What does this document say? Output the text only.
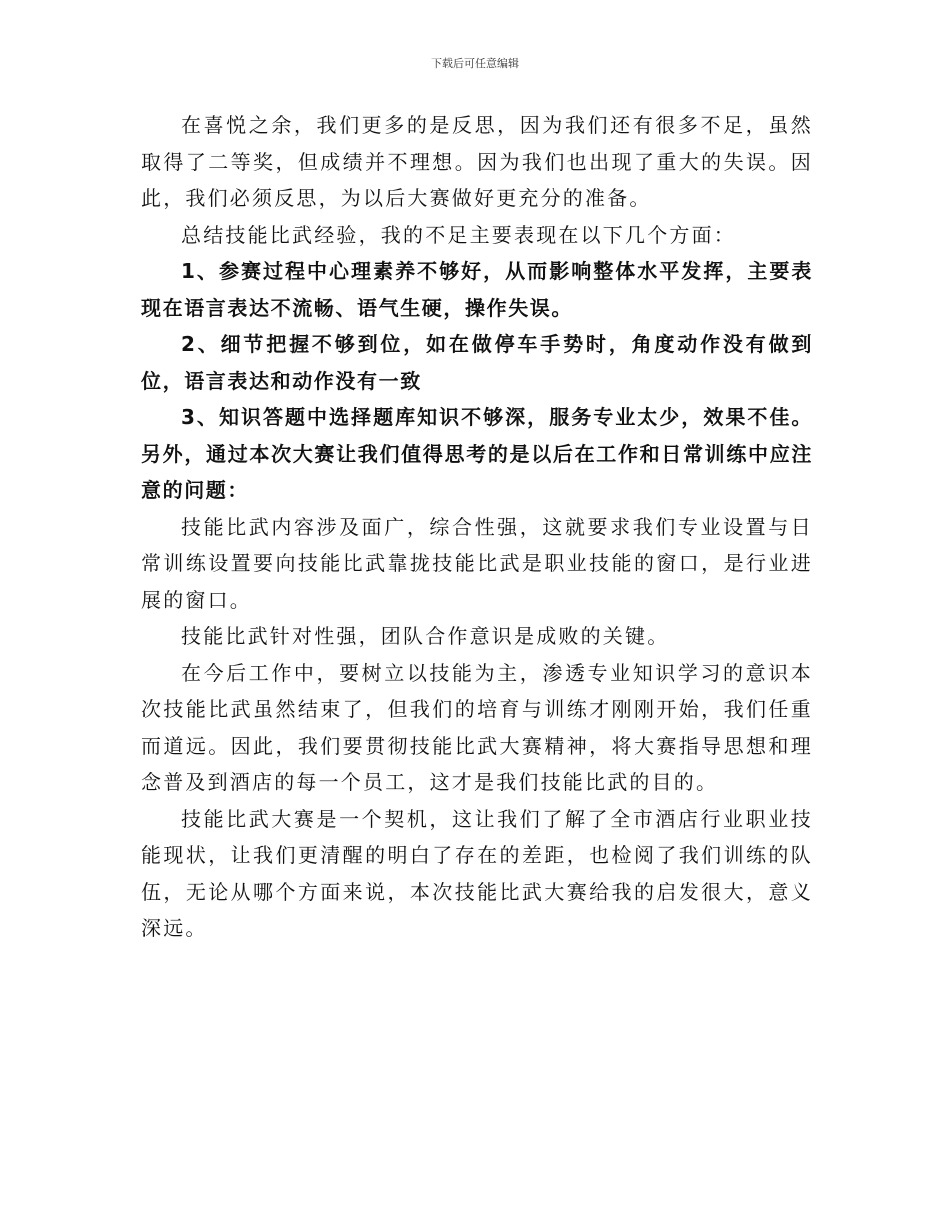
下载后可任意编辑

在喜悦之余，我们更多的是反思，因为我们还有很多不足，虽然取得了二等奖，但成绩并不理想。因为我们也出现了重大的失误。因此，我们必须反思，为以后大赛做好更充分的准备。

总结技能比武经验，我的不足主要表现在以下几个方面：

1、参赛过程中心理素养不够好，从而影响整体水平发挥，主要表现在语言表达不流畅、语气生硬，操作失误。

2、细节把握不够到位，如在做停车手势时，角度动作没有做到位，语言表达和动作没有一致

3、知识答题中选择题库知识不够深，服务专业太少，效果不佳。另外，通过本次大赛让我们值得思考的是以后在工作和日常训练中应注意的问题：

技能比武内容涉及面广，综合性强，这就要求我们专业设置与日常训练设置要向技能比武靠拢技能比武是职业技能的窗口，是行业进展的窗口。

技能比武针对性强，团队合作意识是成败的关键。

在今后工作中，要树立以技能为主，渗透专业知识学习的意识本次技能比武虽然结束了，但我们的培育与训练才刚刚开始，我们任重而道远。因此，我们要贯彻技能比武大赛精神，将大赛指导思想和理念普及到酒店的每一个员工，这才是我们技能比武的目的。

技能比武大赛是一个契机，这让我们了解了全市酒店行业职业技能现状，让我们更清醒的明白了存在的差距，也检阅了我们训练的队伍，无论从哪个方面来说，本次技能比武大赛给我的启发很大，意义深远。
